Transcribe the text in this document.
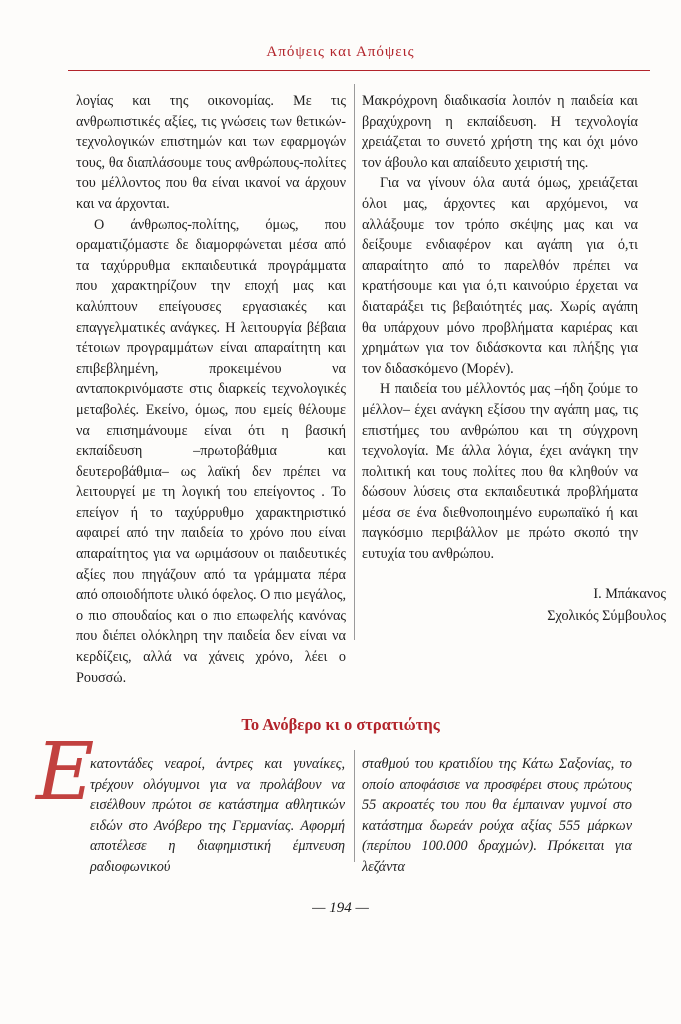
Απόψεις και Απόψεις

λογίας και της οικονομίας. Με τις ανθρωπιστικές αξίες, τις γνώσεις των θετικών-τεχνολογικών επιστημών και των εφαρμογών τους, θα διαπλάσουμε τους ανθρώπους-πολίτες του μέλλοντος που θα είναι ικανοί να άρχουν και να άρχονται.

Ο άνθρωπος-πολίτης, όμως, που οραματιζόμαστε δε διαμορφώνεται μέσα από τα ταχύρρυθμα εκπαιδευτικά προγράμματα που χαρακτηρίζουν την εποχή μας και καλύπτουν επείγουσες εργασιακές και επαγγελματικές ανάγκες. Η λειτουργία βέβαια τέτοιων προγραμμάτων είναι απαραίτητη και επιβεβλημένη, προκειμένου να ανταποκρινόμαστε στις διαρκείς τεχνολογικές μεταβολές. Εκείνο, όμως, που εμείς θέλουμε να επισημάνουμε είναι ότι η βασική εκπαίδευση –πρωτοβάθμια και δευτεροβάθμια– ως λαϊκή δεν πρέπει να λειτουργεί με τη λογική του επείγοντος . Το επείγον ή το ταχύρρυθμο χαρακτηριστικό αφαιρεί από την παιδεία το χρόνο που είναι απαραίτητος για να ωριμάσουν οι παιδευτικές αξίες που πηγάζουν από τα γράμματα πέρα από οποιοδήποτε υλικό όφελος. Ο πιο μεγάλος, ο πιο σπουδαίος και ο πιο επωφελής κανόνας που διέπει ολόκληρη την παιδεία δεν είναι να κερδίζεις, αλλά να χάνεις χρόνο, λέει ο Ρουσσώ.

Μακρόχρονη διαδικασία λοιπόν η παιδεία και βραχύχρονη η εκπαίδευση. Η τεχνολογία χρειάζεται το συνετό χρήστη της και όχι μόνο τον άβουλο και απαίδευτο χειριστή της.

Για να γίνουν όλα αυτά όμως, χρειάζεται όλοι μας, άρχοντες και αρχόμενοι, να αλλάξουμε τον τρόπο σκέψης μας και να δείξουμε ενδιαφέρον και αγάπη για ό,τι απαραίτητο από το παρελθόν πρέπει να κρατήσουμε και για ό,τι καινούριο έρχεται να διαταράξει τις βεβαιότητές μας. Χωρίς αγάπη θα υπάρχουν μόνο προβλήματα καριέρας και χρημάτων για τον διδάσκοντα και πλήξης για τον διδασκόμενο (Μορέν).

Η παιδεία του μέλλοντός μας –ήδη ζούμε το μέλλον– έχει ανάγκη εξίσου την αγάπη μας, τις επιστήμες του ανθρώπου και τη σύγχρονη τεχνολογία. Με άλλα λόγια, έχει ανάγκη την πολιτική και τους πολίτες που θα κληθούν να δώσουν λύσεις στα εκπαιδευτικά προβλήματα μέσα σε ένα διεθνοποιημένο ευρωπαϊκό ή και παγκόσμιο περιβάλλον με πρώτο σκοπό την ευτυχία του ανθρώπου.

Ι. Μπάκανος
Σχολικός Σύμβουλος
Το Ανόβερο κι ο στρατιώτης
Ε

κατοντάδες νεαροί, άντρες και γυναίκες, τρέχουν ολόγυμνοι για να προλάβουν να εισέλθουν πρώτοι σε κατάστημα αθλητικών ειδών στο Ανόβερο της Γερμανίας. Αφορμή αποτέλεσε η διαφημιστική έμπνευση ραδιοφωνικού

σταθμού του κρατιδίου της Κάτω Σαξονίας, το οποίο αποφάσισε να προσφέρει στους πρώτους 55 ακροατές του που θα έμπαιναν γυμνοί στο κατάστημα δωρεάν ρούχα αξίας 555 μάρκων (περίπου 100.000 δραχμών). Πρόκειται για λεζάντα

— 194 —
